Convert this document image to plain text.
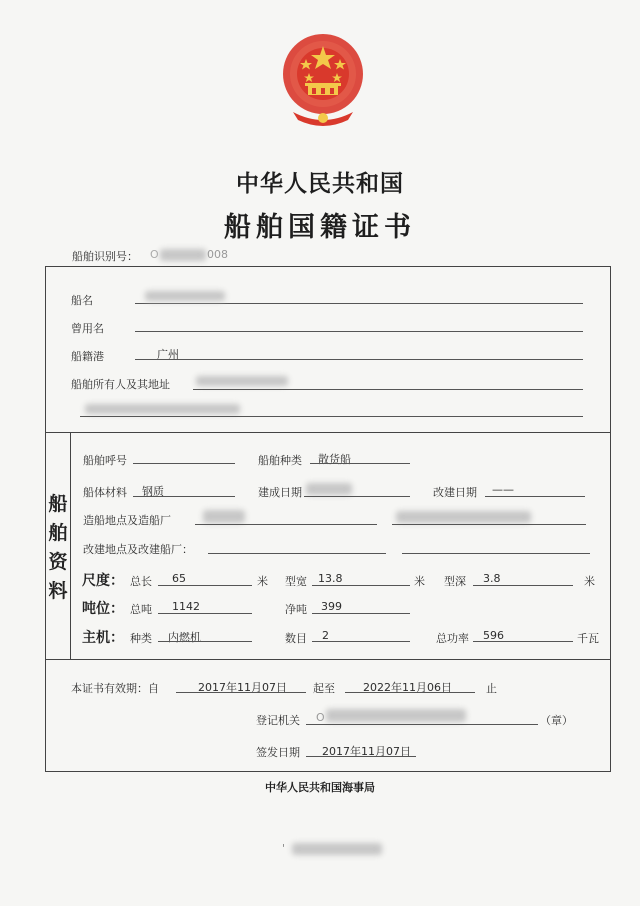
中华人民共和国
船舶国籍证书
船舶识别号： O	008
船名
曾用名
船籍港	广州
船舶所有人及其地址
船
舶
资
料
船舶呼号	船舶种类 散货船
船体材料 钢质	建成日期	改建日期 ——
造船地点及造船厂
改建地点及改建船厂：
尺度： 总长 65	米 型宽 13.8	米 型深 3.8	米
吨位： 总吨 1142	净吨 399
主机： 种类 内燃机	数目 2	总功率 596	千瓦
本证书有效期：自	2017年11月07日 起至	2022年11月06日	止
登记机关 O	（章）
签发日期 2017年11月07日
中华人民共和国海事局
'
